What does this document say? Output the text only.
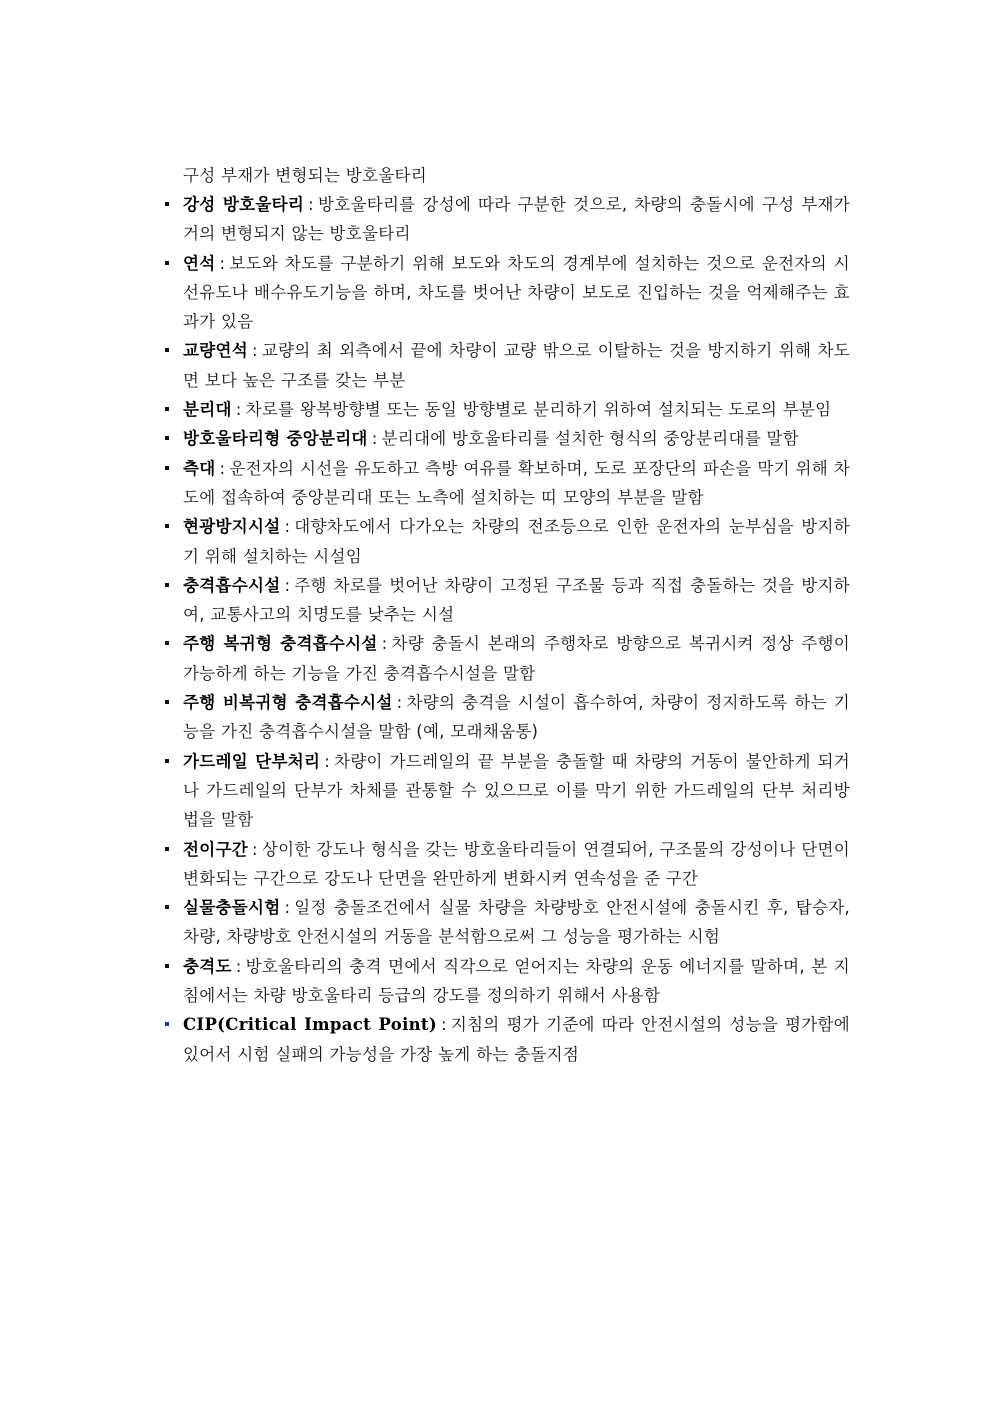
구성 부재가 변형되는 방호울타리
강성 방호울타리 : 방호울타리를 강성에 따라 구분한 것으로, 차량의 충돌시에 구성 부재가 거의 변형되지 않는 방호울타리
연석 : 보도와 차도를 구분하기 위해 보도와 차도의 경계부에 설치하는 것으로 운전자의 시선유도나 배수유도기능을 하며, 차도를 벗어난 차량이 보도로 진입하는 것을 억제해주는 효과가 있음
교량연석 : 교량의 최 외측에서 끝에 차량이 교량 밖으로 이탈하는 것을 방지하기 위해 차도면 보다 높은 구조를 갖는 부분
분리대 : 차로를 왕복방향별 또는 동일 방향별로 분리하기 위하여 설치되는 도로의 부분임
방호울타리형 중앙분리대 : 분리대에 방호울타리를 설치한 형식의 중앙분리대를 말함
측대 : 운전자의 시선을 유도하고 측방 여유를 확보하며, 도로 포장단의 파손을 막기 위해 차도에 접속하여 중앙분리대 또는 노측에 설치하는 띠 모양의 부분을 말함
현광방지시설 : 대향차도에서 다가오는 차량의 전조등으로 인한 운전자의 눈부심을 방지하기 위해 설치하는 시설임
충격흡수시설 : 주행 차로를 벗어난 차량이 고정된 구조물 등과 직접 충돌하는 것을 방지하여, 교통사고의 치명도를 낮추는 시설
주행 복귀형 충격흡수시설 : 차량 충돌시 본래의 주행차로 방향으로 복귀시켜 정상 주행이 가능하게 하는 기능을 가진 충격흡수시설을 말함
주행 비복귀형 충격흡수시설 : 차량의 충격을 시설이 흡수하여, 차량이 정지하도록 하는 기능을 가진 충격흡수시설을 말함 (예, 모래채움통)
가드레일 단부처리 : 차량이 가드레일의 끝 부분을 충돌할 때 차량의 거동이 불안하게 되거나 가드레일의 단부가 차체를 관통할 수 있으므로 이를 막기 위한 가드레일의 단부 처리방법을 말함
전이구간 : 상이한 강도나 형식을 갖는 방호울타리들이 연결되어, 구조물의 강성이나 단면이 변화되는 구간으로 강도나 단면을 완만하게 변화시켜 연속성을 준 구간
실물충돌시험 : 일정 충돌조건에서 실물 차량을 차량방호 안전시설에 충돌시킨 후, 탑승자, 차량, 차량방호 안전시설의 거동을 분석함으로써 그 성능을 평가하는 시험
충격도 : 방호울타리의 충격 면에서 직각으로 얻어지는 차량의 운동 에너지를 말하며, 본 지침에서는 차량 방호울타리 등급의 강도를 정의하기 위해서 사용함
CIP(Critical Impact Point) : 지침의 평가 기준에 따라 안전시설의 성능을 평가함에 있어서 시험 실패의 가능성을 가장 높게 하는 충돌지점
